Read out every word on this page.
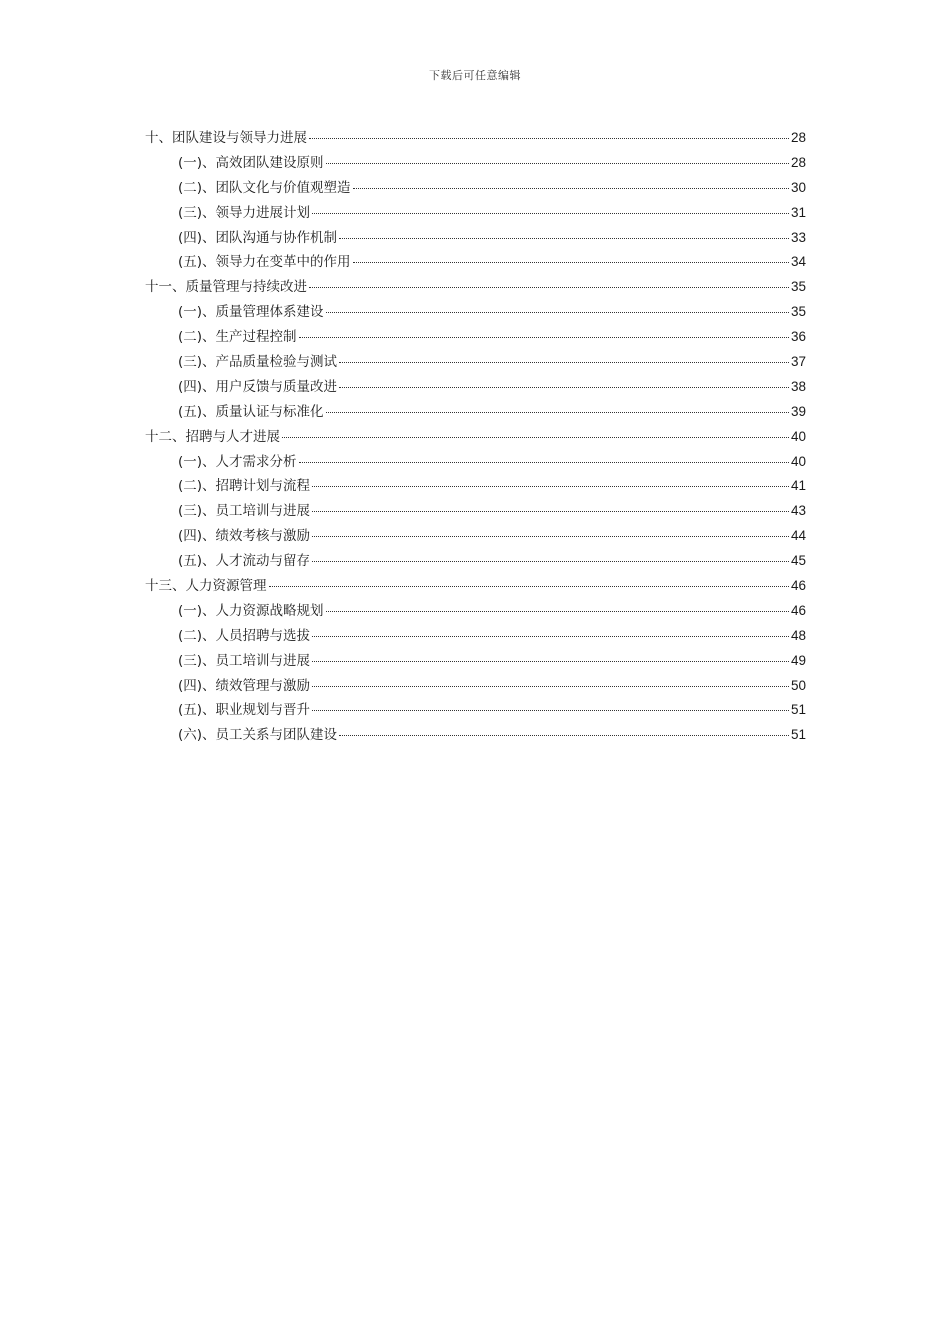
下载后可任意编辑
十、团队建设与领导力进展	28
(一)、高效团队建设原则	28
(二)、团队文化与价值观塑造	30
(三)、领导力进展计划	31
(四)、团队沟通与协作机制	33
(五)、领导力在变革中的作用	34
十一、质量管理与持续改进	35
(一)、质量管理体系建设	35
(二)、生产过程控制	36
(三)、产品质量检验与测试	37
(四)、用户反馈与质量改进	38
(五)、质量认证与标准化	39
十二、招聘与人才进展	40
(一)、人才需求分析	40
(二)、招聘计划与流程	41
(三)、员工培训与进展	43
(四)、绩效考核与激励	44
(五)、人才流动与留存	45
十三、人力资源管理	46
(一)、人力资源战略规划	46
(二)、人员招聘与选拔	48
(三)、员工培训与进展	49
(四)、绩效管理与激励	50
(五)、职业规划与晋升	51
(六)、员工关系与团队建设	51
